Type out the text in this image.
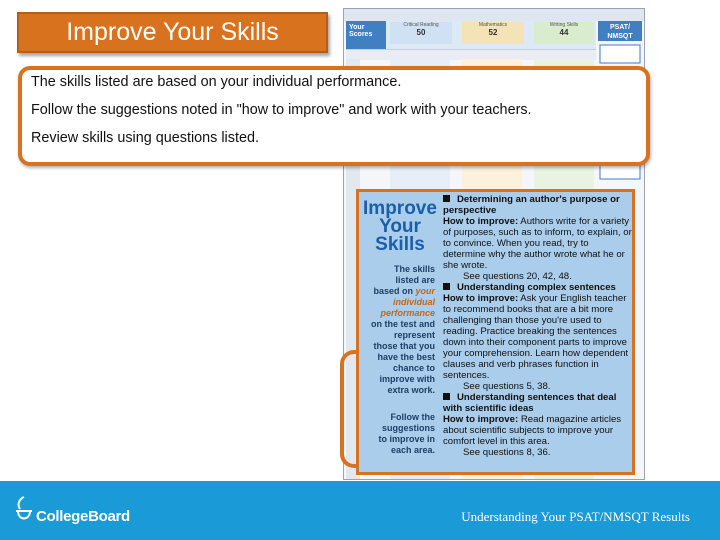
Improve Your Skills	Your Scores
Critical Reading
50
Mathematics
52
Writing Skills
44
PSAT/ NMSQT
Improve
Your
Skills
The skills listed are based on your individual performance on the test and represent those that you have the best chance to improve with extra work.
Follow the suggestions to improve in each area.
Determining an author's purpose or perspective
How to improve: Authors write for a variety of purposes, such as to inform, to explain, or to convince. When you read, try to determine why the author wrote what he or she wrote.
See questions 20, 42, 48.
Understanding complex sentences
How to improve: Ask your English teacher to recommend books that are a bit more challenging than those you're used to reading. Practice breaking the sentences down into their component parts to improve your comprehension. Learn how dependent clauses and verb phrases function in sentences.
See questions 5, 38.
Understanding sentences that deal with scientific ideas
How to improve: Read magazine articles about scientific subjects to improve your comfort level in this area.
See questions 8, 36.

The skills listed are based on your individual performance.

Follow the suggestions noted in "how to improve" and work with your teachers.

Review skills using questions listed.

CollegeBoard	Understanding Your PSAT/NMSQT Results
